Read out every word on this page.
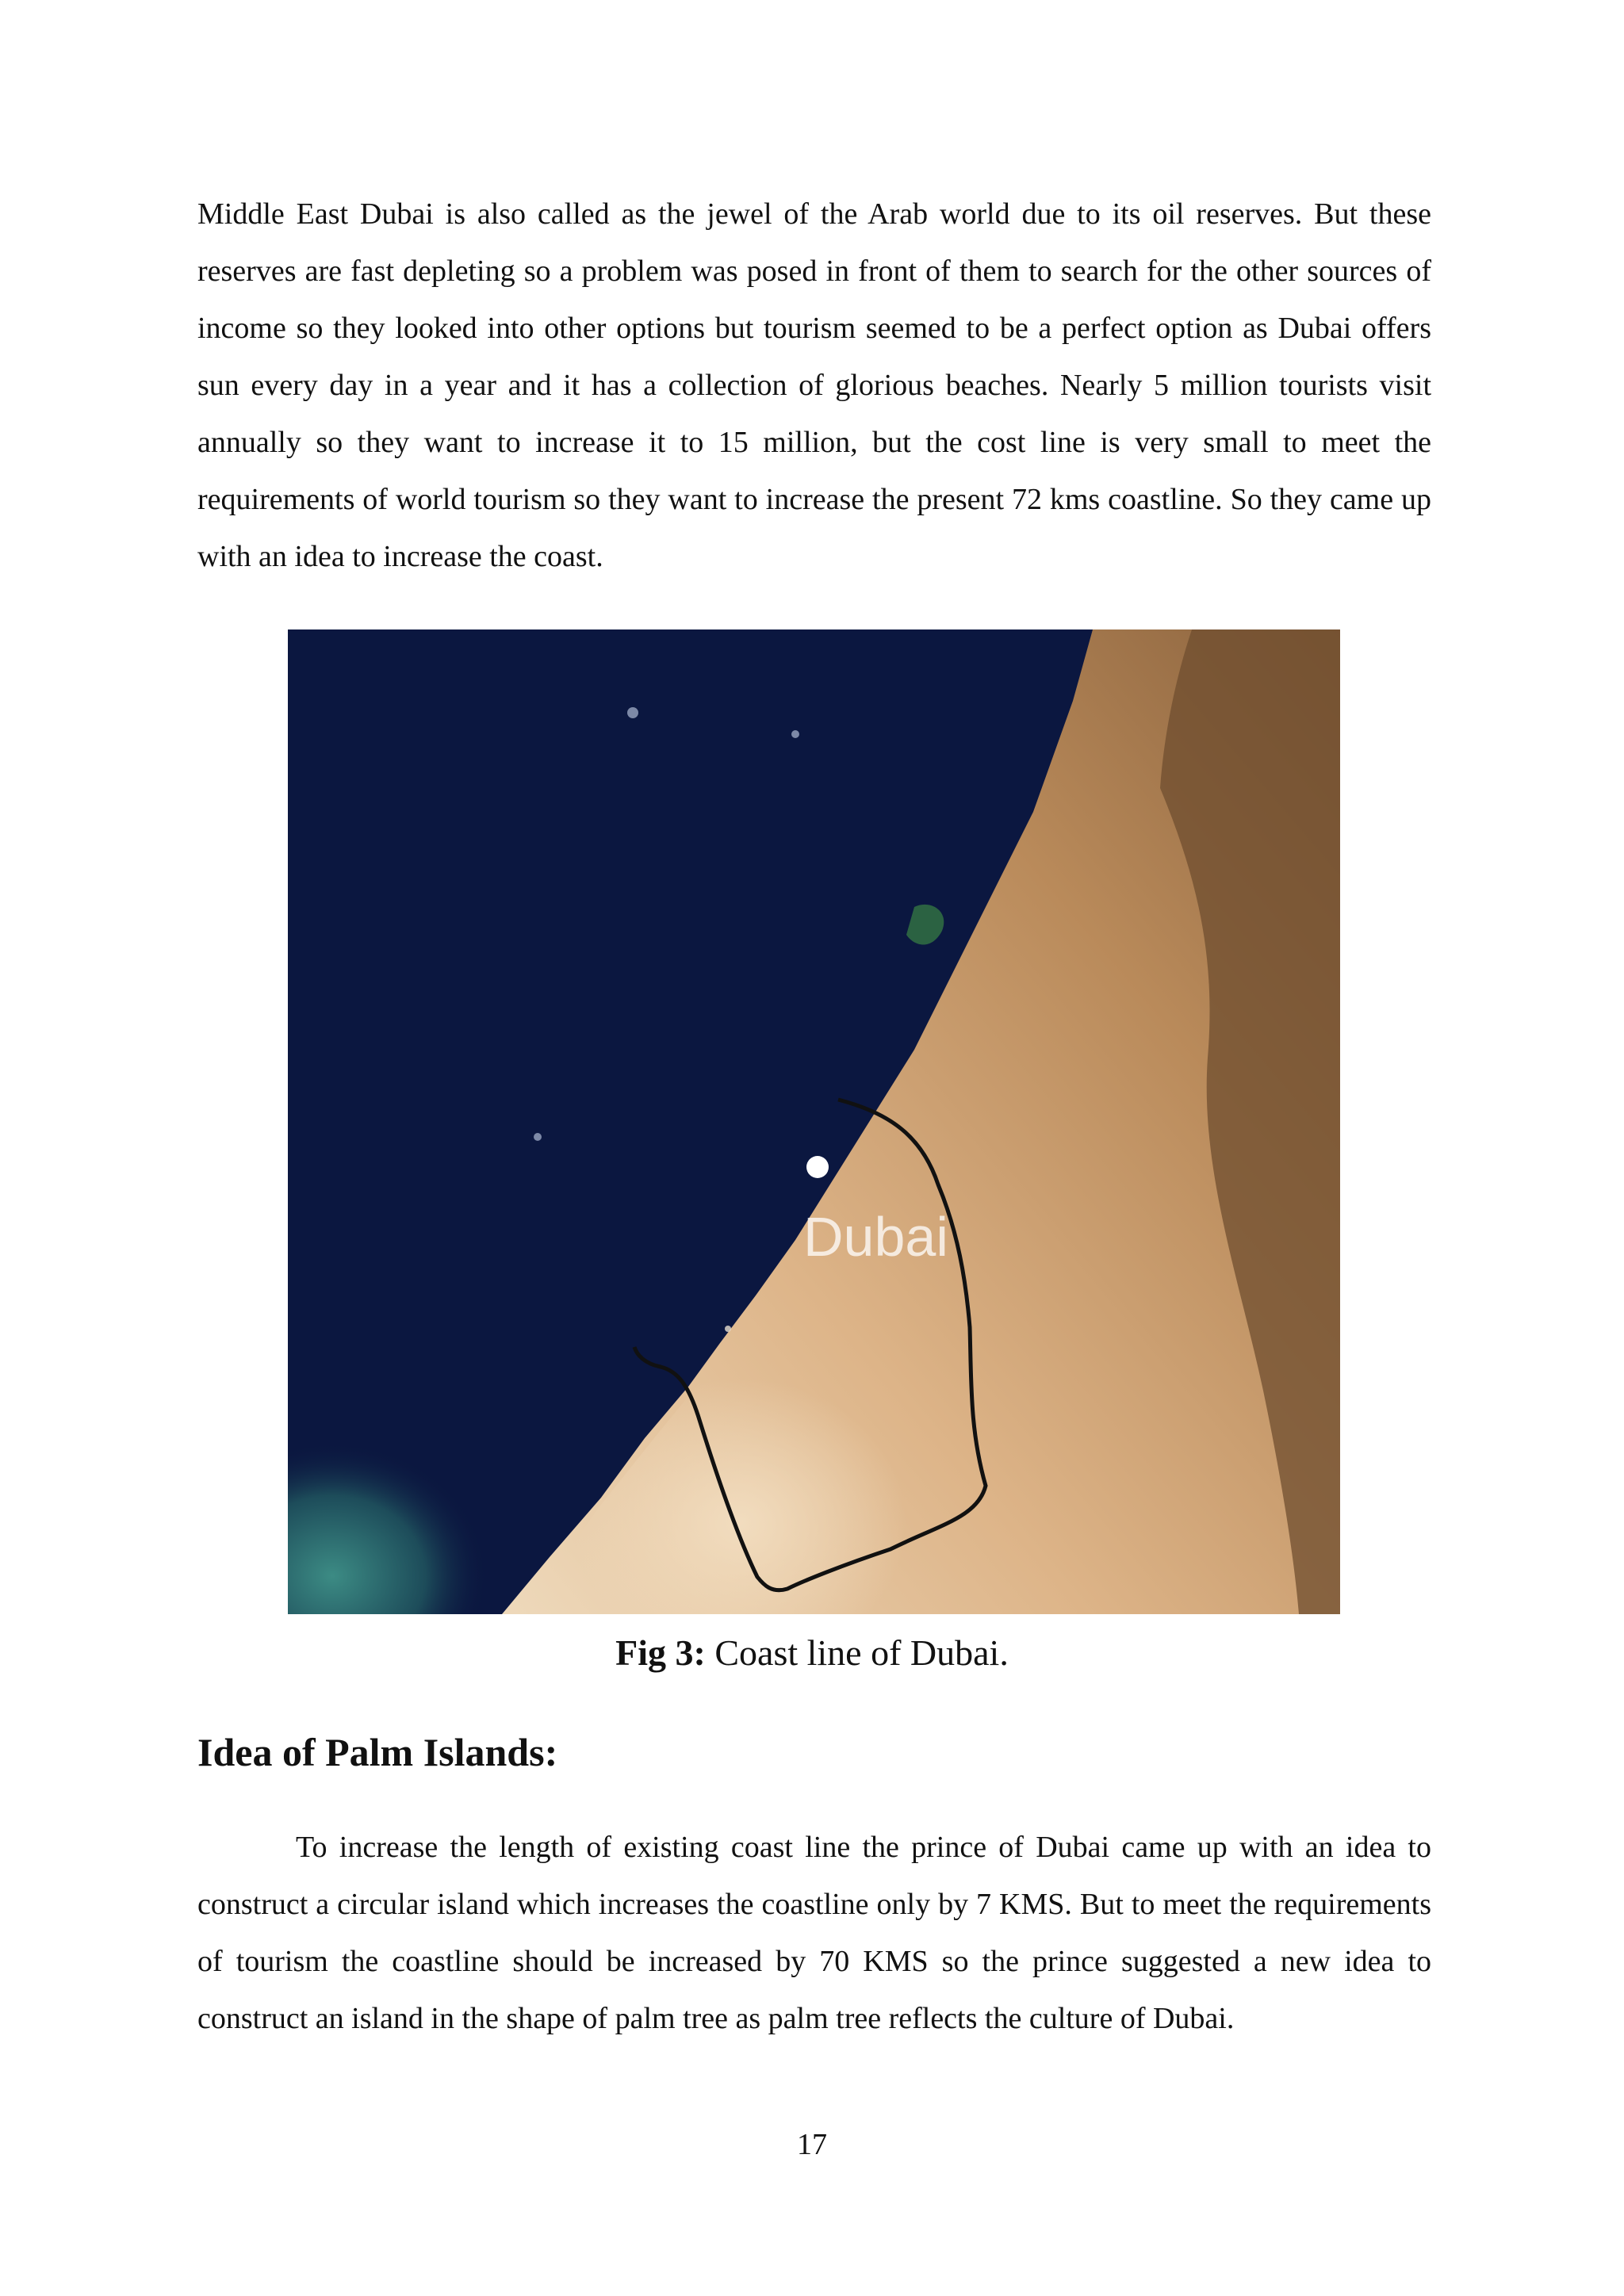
Middle East Dubai is also called as the jewel of the Arab world due to its oil reserves. But these reserves are fast depleting so a problem was posed in front of them to search for the other sources of income so they looked into other options but tourism seemed to be a perfect option as Dubai offers sun every day in a year and it has a collection of glorious beaches. Nearly 5 million tourists visit annually so they want to increase it to 15 million, but the cost line is very small to meet the requirements of world tourism so they want to increase the present 72 kms coastline. So they came up with an idea to increase the coast.

Dubai
Fig 3: Coast line of Dubai.
Idea of Palm Islands:

To increase the length of existing coast line the prince of Dubai came up with an idea to construct a circular island which increases the coastline only by 7 KMS. But to meet the requirements of tourism the coastline should be increased by 70 KMS so the prince suggested a new idea to construct an island in the shape of palm tree as palm tree reflects the culture of Dubai.

17
